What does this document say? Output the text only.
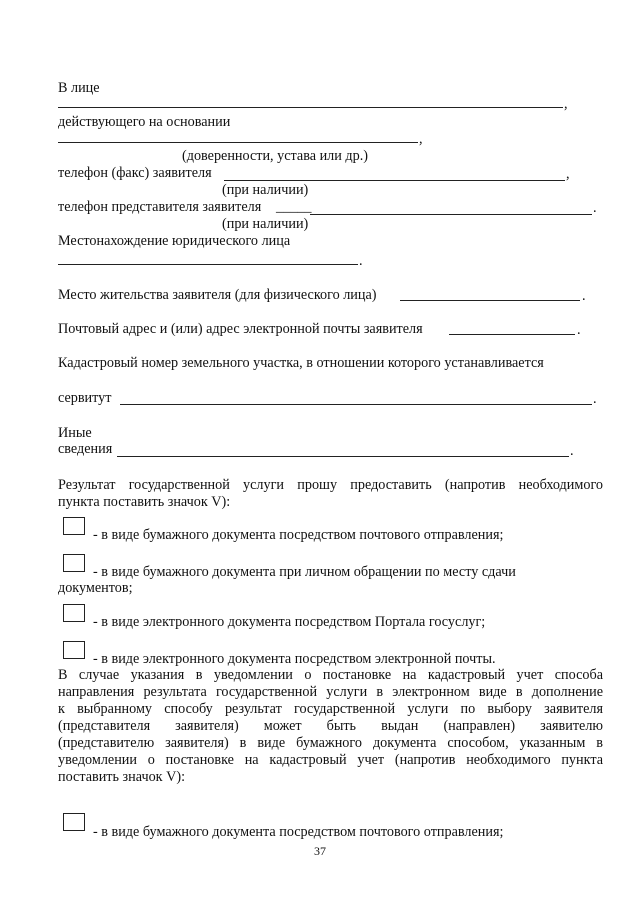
В лице
,
действующего на основании
,
(доверенности, устава или др.)
телефон (факс) заявителя	,
(при наличии)
телефон представителя заявителя _____	.
(при наличии)
Местонахождение юридического лица
.
Место жительства заявителя (для физического лица)	.
Почтовый адрес и (или) адрес электронной почты заявителя	.
Кадастровый номер земельного участка, в отношении которого устанавливается
сервитут	.
Иные
сведения	.
Результат государственной услуги прошу предоставить (напротив необходимого
пункта поставить значок V):
- в виде бумажного документа посредством почтового отправления;
- в виде бумажного документа при личном обращении по месту сдачи
документов;
- в виде электронного документа посредством Портала госуслуг;
- в виде электронного документа посредством электронной почты.
В случае указания в уведомлении о постановке на кадастровый учет способа
направления результата государственной услуги в электронном виде в дополнение
к выбранному способу результат государственной услуги по выбору заявителя
(представителя заявителя) может быть выдан (направлен) заявителю
(представителю заявителя) в виде бумажного документа способом, указанным в
уведомлении о постановке на кадастровый учет (напротив необходимого пункта
поставить значок V):
- в виде бумажного документа посредством почтового отправления;
37
